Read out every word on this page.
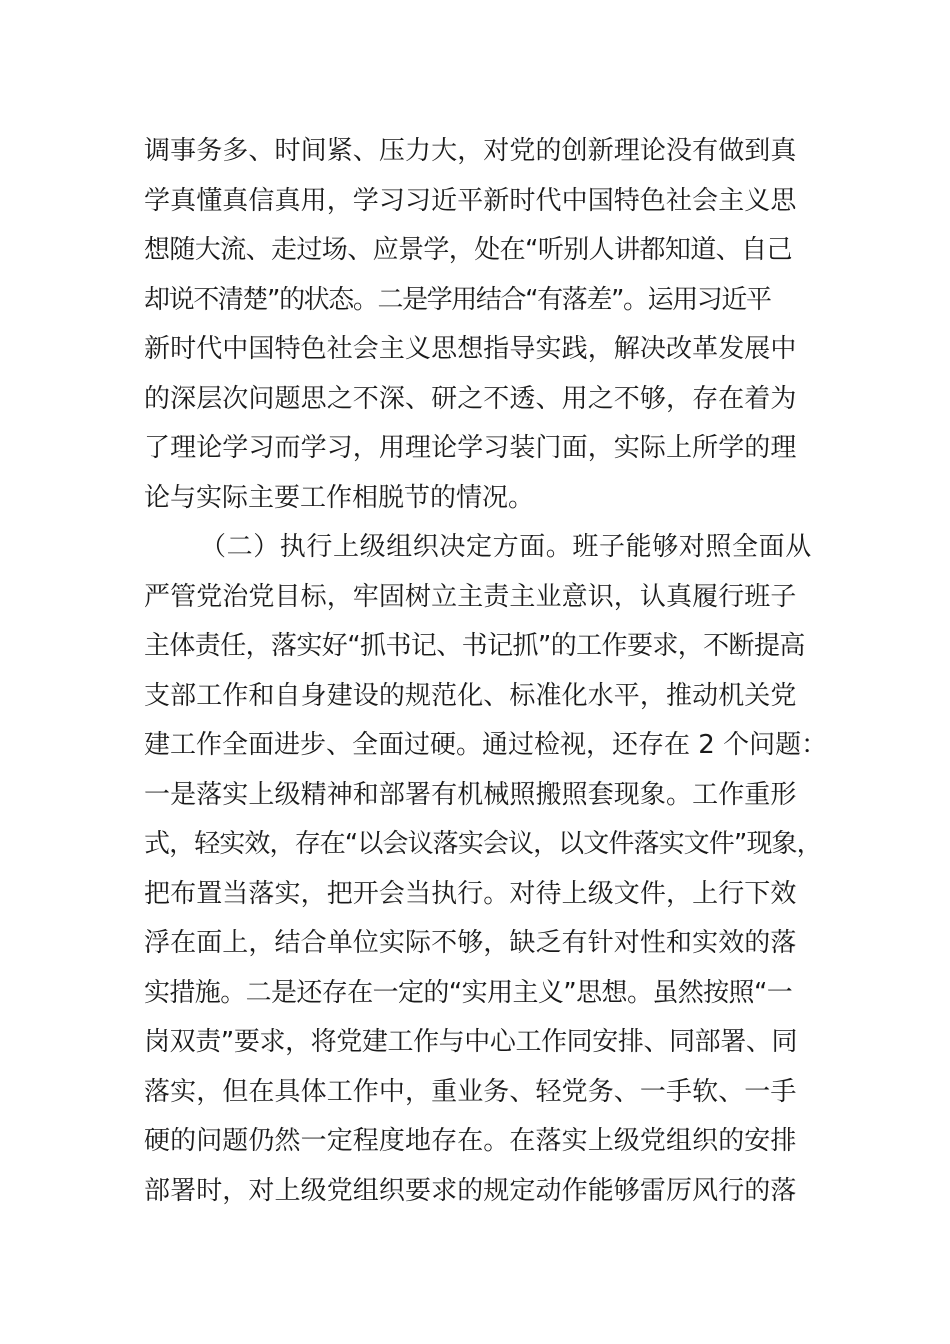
调事务多、时间紧、压力大，对党的创新理论没有做到真
学真懂真信真用，学习习近平新时代中国特色社会主义思
想随大流、走过场、应景学，处在“听别人讲都知道、自己
却说不清楚”的状态。二是学用结合“有落差”。运用习近平
新时代中国特色社会主义思想指导实践，解决改革发展中
的深层次问题思之不深、研之不透、用之不够，存在着为
了理论学习而学习，用理论学习装门面，实际上所学的理
论与实际主要工作相脱节的情况。
（二）执行上级组织决定方面。班子能够对照全面从
严管党治党目标，牢固树立主责主业意识，认真履行班子
主体责任，落实好“抓书记、书记抓”的工作要求，不断提高
支部工作和自身建设的规范化、标准化水平，推动机关党
建工作全面进步、全面过硬。通过检视，还存在 2 个问题：
一是落实上级精神和部署有机械照搬照套现象。工作重形
式，轻实效，存在“以会议落实会议，以文件落实文件”现象，
把布置当落实，把开会当执行。对待上级文件，上行下效
浮在面上，结合单位实际不够，缺乏有针对性和实效的落
实措施。二是还存在一定的“实用主义”思想。虽然按照“一
岗双责”要求，将党建工作与中心工作同安排、同部署、同
落实，但在具体工作中，重业务、轻党务、一手软、一手
硬的问题仍然一定程度地存在。在落实上级党组织的安排
部署时，对上级党组织要求的规定动作能够雷厉风行的落
